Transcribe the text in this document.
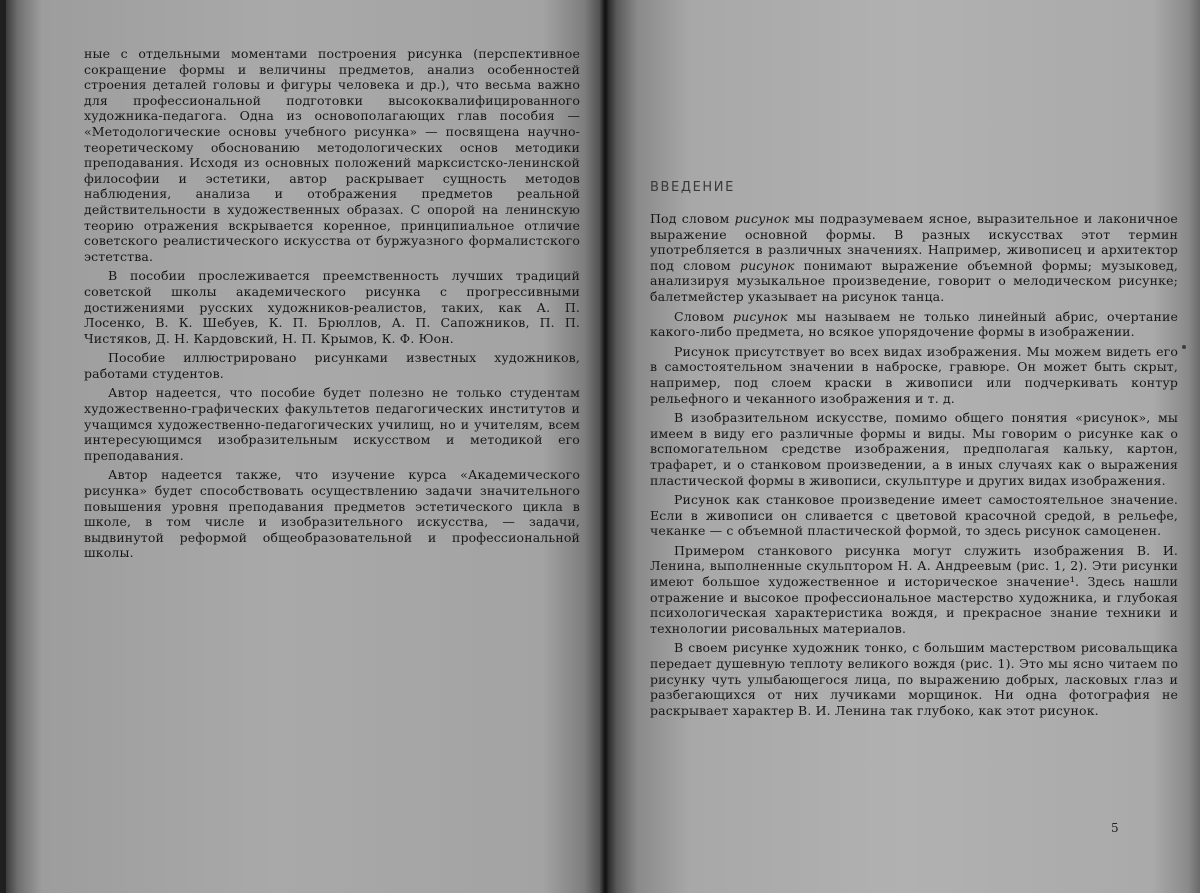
ные с отдельными моментами построения рисунка (перспективное сокращение формы и величины предметов, анализ особенностей строения деталей головы и фигуры человека и др.), что весьма важно для профессиональной подготовки высококвалифицированного художника-педагога. Одна из основополагающих глав пособия — «Методологические основы учебного рисунка» — посвящена научно-теоретическому обоснованию методологических основ методики преподавания. Исходя из основных положений марксистско-ленинской философии и эстетики, автор раскрывает сущность методов наблюдения, анализа и отображения предметов реальной действительности в художественных образах. С опорой на ленинскую теорию отражения вскрывается коренное, принципиальное отличие советского реалистического искусства от буржуазного формалистского эстетства.

В пособии прослеживается преемственность лучших традиций советской школы академического рисунка с прогрессивными достижениями русских художников-реалистов, таких, как А. П. Лосенко, В. К. Шебуев, К. П. Брюллов, А. П. Сапожников, П. П. Чистяков, Д. Н. Кардовский, Н. П. Крымов, К. Ф. Юон.

Пособие иллюстрировано рисунками известных художников, работами студентов.

Автор надеется, что пособие будет полезно не только студентам художественно-графических факультетов педагогических институтов и учащимся художественно-педагогических училищ, но и учителям, всем интересующимся изобразительным искусством и методикой его преподавания.

Автор надеется также, что изучение курса «Академического рисунка» будет способствовать осуществлению задачи значительного повышения уровня преподавания предметов эстетического цикла в школе, в том числе и изобразительного искусства, — задачи, выдвинутой реформой общеобразовательной и профессиональной школы.

ВВЕДЕНИЕ

Под словом рисунок мы подразумеваем ясное, выразительное и лаконичное выражение основной формы. В разных искусствах этот термин употребляется в различных значениях. Например, живописец и архитектор под словом рисунок понимают выражение объемной формы; музыковед, анализируя музыкальное произведение, говорит о мелодическом рисунке; балетмейстер указывает на рисунок танца.

Словом рисунок мы называем не только линейный абрис, очертание какого-либо предмета, но всякое упорядочение формы в изображении.

Рисунок присутствует во всех видах изображения. Мы можем видеть его в самостоятельном значении в наброске, гравюре. Он может быть скрыт, например, под слоем краски в живописи или подчеркивать контур рельефного и чеканного изображения и т. д.

В изобразительном искусстве, помимо общего понятия «рисунок», мы имеем в виду его различные формы и виды. Мы говорим о рисунке как о вспомогательном средстве изображения, предполагая кальку, картон, трафарет, и о станковом произведении, а в иных случаях как о выражения пластической формы в живописи, скульптуре и других видах изображения.

Рисунок как станковое произведение имеет самостоятельное значение. Если в живописи он сливается с цветовой красочной средой, в рельефе, чеканке — с объемной пластической формой, то здесь рисунок самоценен.

Примером станкового рисунка могут служить изображения В. И. Ленина, выполненные скульптором Н. А. Андреевым (рис. 1, 2). Эти рисунки имеют большое художественное и историческое значение¹. Здесь нашли отражение и высокое профессиональное мастерство художника, и глубокая психологическая характеристика вождя, и прекрасное знание техники и технологии рисовальных материалов.

В своем рисунке художник тонко, с большим мастерством рисовальщика передает душевную теплоту великого вождя (рис. 1). Это мы ясно читаем по рисунку чуть улыбающегося лица, по выражению добрых, ласковых глаз и разбегающихся от них лучиками морщинок. Ни одна фотография не раскрывает характер В. И. Ленина так глубоко, как этот рисунок.

5
